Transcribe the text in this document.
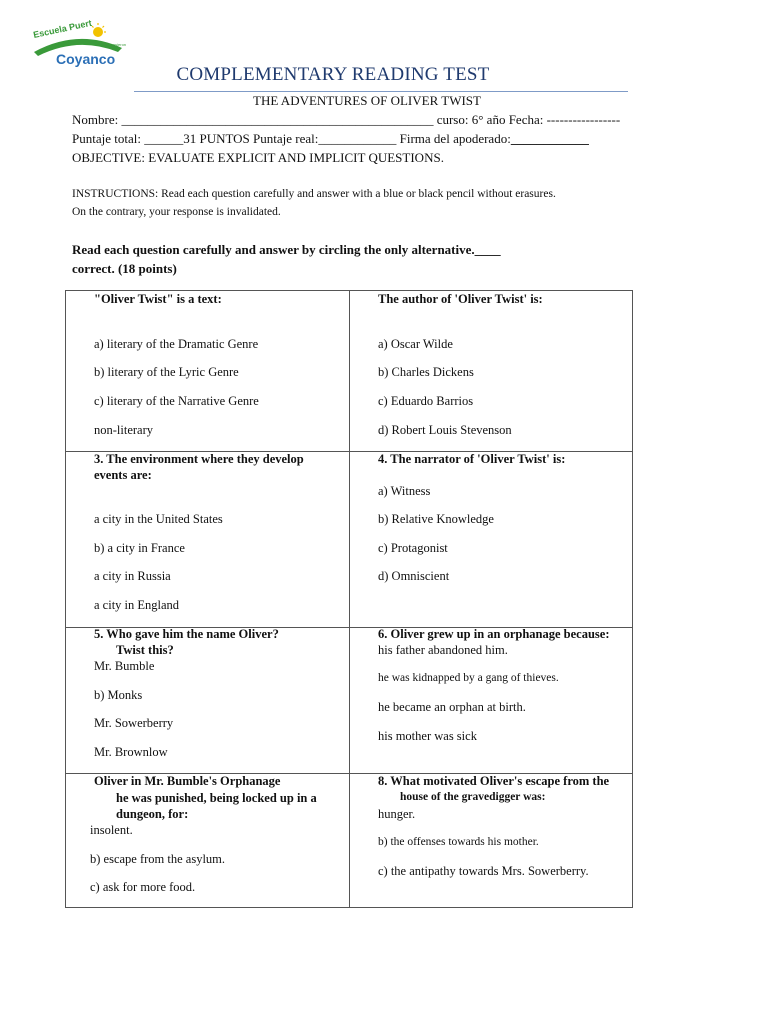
Escuela Puert
Paesieron
Coyanco
COMPLEMENTARY READING TEST
THE ADVENTURES OF OLIVER TWIST
Nombre: ________________________________________________ curso: 6° año Fecha: -----------------
Puntaje total: ______31 PUNTOS Puntaje real:____________ Firma del apoderado:____________
OBJECTIVE: EVALUATE EXPLICIT AND IMPLICIT QUESTIONS.
INSTRUCTIONS: Read each question carefully and answer with a blue or black pencil without erasures.
On the contrary, your response is invalidated.
Read each question carefully and answer by circling the only alternative.____
correct. (18 points)
"Oliver Twist" is a text:
a) literary of the Dramatic Genre
b) literary of the Lyric Genre
c) literary of the Narrative Genre
non-literary
The author of 'Oliver Twist' is:
a) Oscar Wilde
b) Charles Dickens
c) Eduardo Barrios
d) Robert Louis Stevenson
3. The environment where they develop
events are:
a city in the United States
b) a city in France
a city in Russia
a city in England
4. The narrator of 'Oliver Twist' is:
a) Witness
b) Relative Knowledge
c) Protagonist
d) Omniscient
5. Who gave him the name Oliver?
Twist this?
Mr. Bumble
b) Monks
Mr. Sowerberry
Mr. Brownlow
6. Oliver grew up in an orphanage because:
his father abandoned him.
he was kidnapped by a gang of thieves.
he became an orphan at birth.
his mother was sick
Oliver in Mr. Bumble's Orphanage
he was punished, being locked up in a
dungeon, for:
insolent.
b) escape from the asylum.
c) ask for more food.
8. What motivated Oliver's escape from the
house of the gravedigger was:
hunger.
b) the offenses towards his mother.
c) the antipathy towards Mrs. Sowerberry.
